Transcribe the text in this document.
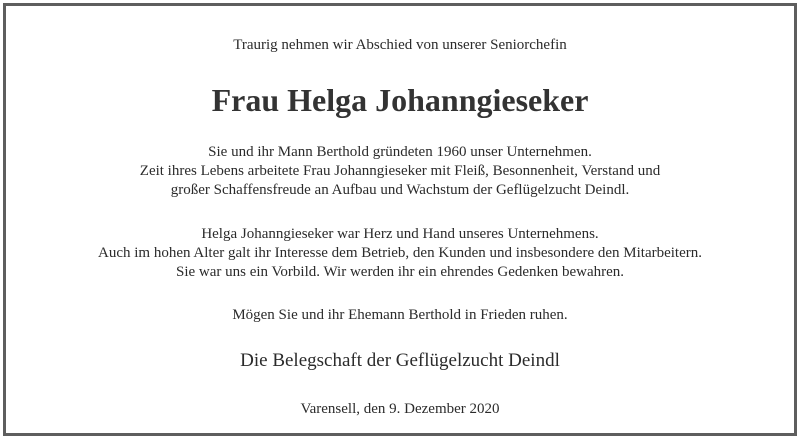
Traurig nehmen wir Abschied von unserer Seniorchefin
Frau Helga Johanngieseker
Sie und ihr Mann Berthold gründeten 1960 unser Unternehmen.
Zeit ihres Lebens arbeitete Frau Johanngieseker mit Fleiß, Besonnenheit, Verstand und
großer Schaffensfreude an Aufbau und Wachstum der Geflügelzucht Deindl.
Helga Johanngieseker war Herz und Hand unseres Unternehmens.
Auch im hohen Alter galt ihr Interesse dem Betrieb, den Kunden und insbesondere den Mitarbeitern.
Sie war uns ein Vorbild. Wir werden ihr ein ehrendes Gedenken bewahren.
Mögen Sie und ihr Ehemann Berthold in Frieden ruhen.
Die Belegschaft der Geflügelzucht Deindl
Varensell, den 9. Dezember 2020
